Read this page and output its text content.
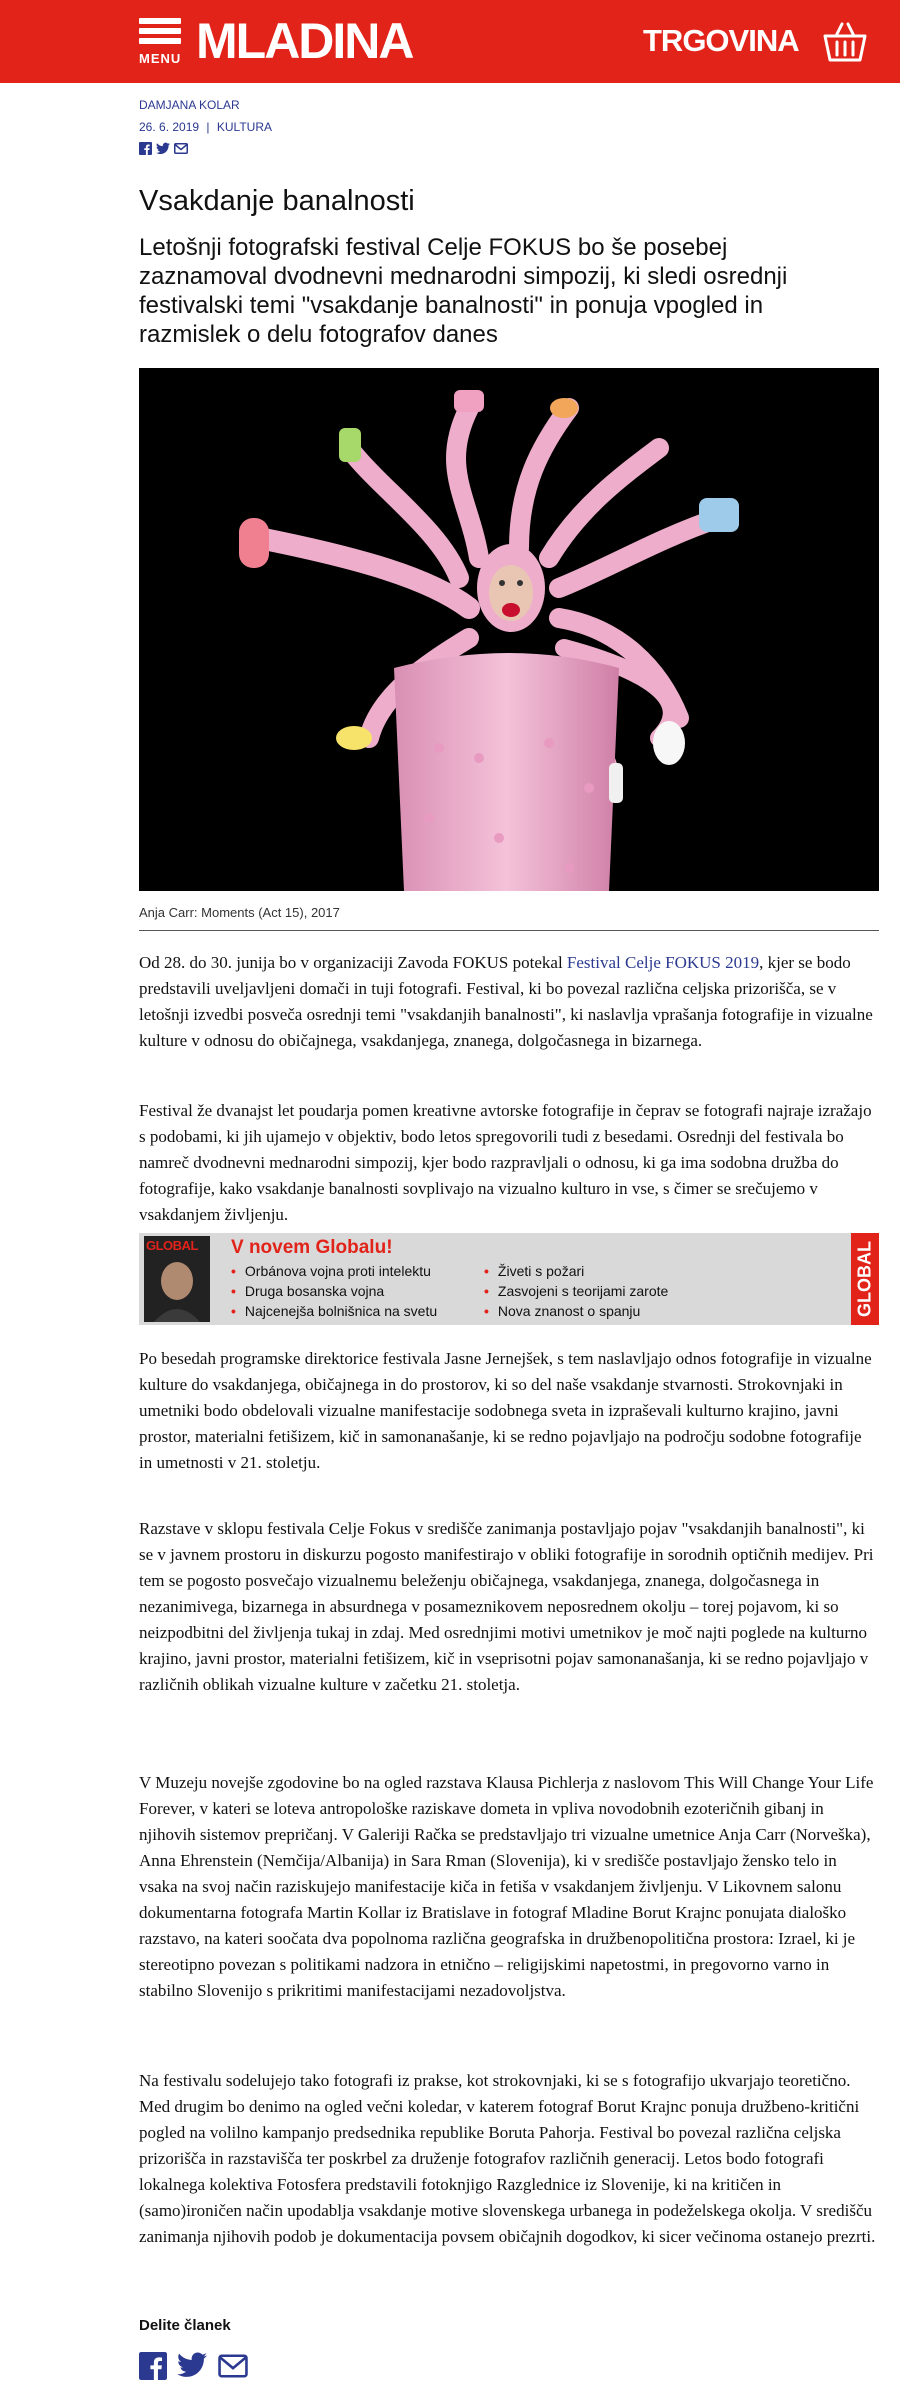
MENU MLADINA	TRGOVINA
DAMJANA KOLAR
26. 6. 2019 | KULTURA
Vsakdanje banalnosti
Letošnji fotografski festival Celje FOKUS bo še posebej zaznamoval dvodnevni mednarodni simpozij, ki sledi osrednji festivalski temi "vsakdanje banalnosti" in ponuja vpogled in razmislek o delu fotografov danes
Anja Carr: Moments (Act 15), 2017

Od 28. do 30. junija bo v organizaciji Zavoda FOKUS potekal Festival Celje FOKUS 2019, kjer se bodo predstavili uveljavljeni domači in tuji fotografi. Festival, ki bo povezal različna celjska prizorišča, se v letošnji izvedbi posveča osrednji temi "vsakdanjih banalnosti", ki naslavlja vprašanja fotografije in vizualne kulture v odnosu do običajnega, vsakdanjega, znanega, dolgočasnega in bizarnega.

Festival že dvanajst let poudarja pomen kreativne avtorske fotografije in čeprav se fotografi najraje izražajo s podobami, ki jih ujamejo v objektiv, bodo letos spregovorili tudi z besedami. Osrednji del festivala bo namreč dvodnevni mednarodni simpozij, kjer bodo razpravljali o odnosu, ki ga ima sodobna družba do fotografije, kako vsakdanje banalnosti sovplivajo na vizualno kulturo in vse, s čimer se srečujemo v vsakdanjem življenju.

GLOBAL V novem Globalu!
• Orbánova vojna proti intelektu
• Druga bosanska vojna
• Najcenejša bolnišnica na svetu
• Živeti s požari
• Zasvojeni s teorijami zarote
• Nova znanost o spanju	GLOBAL

Po besedah programske direktorice festivala Jasne Jernejšek, s tem naslavljajo odnos fotografije in vizualne kulture do vsakdanjega, običajnega in do prostorov, ki so del naše vsakdanje stvarnosti. Strokovnjaki in umetniki bodo obdelovali vizualne manifestacije sodobnega sveta in izpraševali kulturno krajino, javni prostor, materialni fetišizem, kič in samonanašanje, ki se redno pojavljajo na področju sodobne fotografije in umetnosti v 21. stoletju.

Razstave v sklopu festivala Celje Fokus v središče zanimanja postavljajo pojav "vsakdanjih banalnosti", ki se v javnem prostoru in diskurzu pogosto manifestirajo v obliki fotografije in sorodnih optičnih medijev. Pri tem se pogosto posvečajo vizualnemu beleženju običajnega, vsakdanjega, znanega, dolgočasnega in nezanimivega, bizarnega in absurdnega v posameznikovem neposrednem okolju – torej pojavom, ki so neizpodbitni del življenja tukaj in zdaj. Med osrednjimi motivi umetnikov je moč najti poglede na kulturno krajino, javni prostor, materialni fetišizem, kič in vseprisotni pojav samonanašanja, ki se redno pojavljajo v različnih oblikah vizualne kulture v začetku 21. stoletja.

V Muzeju novejše zgodovine bo na ogled razstava Klausa Pichlerja z naslovom This Will Change Your Life Forever, v kateri se loteva antropološke raziskave dometa in vpliva novodobnih ezoteričnih gibanj in njihovih sistemov prepričanj. V Galeriji Račka se predstavljajo tri vizualne umetnice Anja Carr (Norveška), Anna Ehrenstein (Nemčija/Albanija) in Sara Rman (Slovenija), ki v središče postavljajo žensko telo in vsaka na svoj način raziskujejo manifestacije kiča in fetiša v vsakdanjem življenju. V Likovnem salonu dokumentarna fotografa Martin Kollar iz Bratislave in fotograf Mladine Borut Krajnc ponujata dialoško razstavo, na kateri soočata dva popolnoma različna geografska in družbenopolitična prostora: Izrael, ki je stereotipno povezan s politikami nadzora in etnično – religijskimi napetostmi, in pregovorno varno in stabilno Slovenijo s prikritimi manifestacijami nezadovoljstva.

Na festivalu sodelujejo tako fotografi iz prakse, kot strokovnjaki, ki se s fotografijo ukvarjajo teoretično. Med drugim bo denimo na ogled večni koledar, v katerem fotograf Borut Krajnc ponuja družbeno-kritični pogled na volilno kampanjo predsednika republike Boruta Pahorja. Festival bo povezal različna celjska prizorišča in razstavišča ter poskrbel za druženje fotografov različnih generacij. Letos bodo fotografi lokalnega kolektiva Fotosfera predstavili fotoknjigo Razglednice iz Slovenije, ki na kritičen in (samo)ironičen način upodablja vsakdanje motive slovenskega urbanega in podeželskega okolja. V središču zanimanja njihovih podob je dokumentacija povsem običajnih dogodkov, ki sicer večinoma ostanejo prezrti.

Delite članek
